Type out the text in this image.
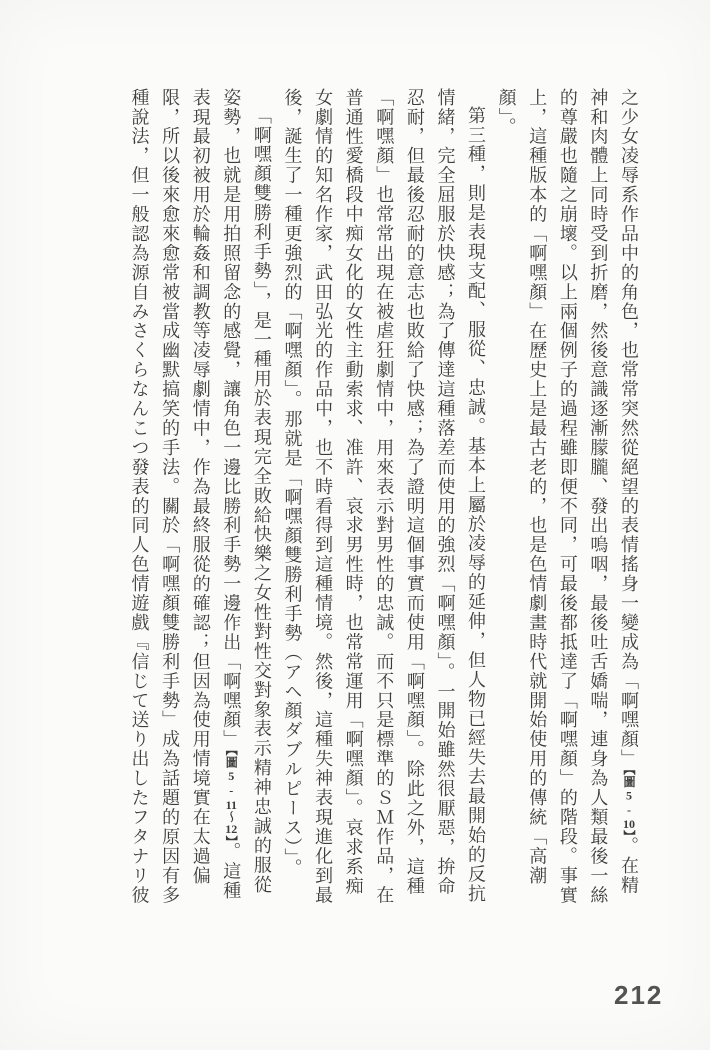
之少女凌辱系作品中的角色，也常常突然從絕望的表情搖身一變成為「啊嘿顏」【圖5-10】。在精神和肉體上同時受到折磨，然後意識逐漸朦朧、發出嗚咽，最後吐舌嬌喘，連身為人類最後一絲的尊嚴也隨之崩壞。以上兩個例子的過程雖即便不同，可最後都抵達了「啊嘿顏」的階段。事實上，這種版本的「啊嘿顏」在歷史上是最古老的，也是色情劇畫時代就開始使用的傳統「高潮顏」。

第三種，則是表現支配、服從、忠誠。基本上屬於凌辱的延伸，但人物已經失去最開始的反抗情緒，完全屈服於快感；為了傳達這種落差而使用的強烈「啊嘿顏」。一開始雖然很厭惡，拚命忍耐，但最後忍耐的意志也敗給了快感；為了證明這個事實而使用「啊嘿顏」。除此之外，這種「啊嘿顏」也常常出現在被虐狂劇情中，用來表示對男性的忠誠。而不只是標準的ＳＭ作品，在普通性愛橋段中痴女化的女性主動索求、准許、哀求男性時，也常常運用「啊嘿顏」。哀求系痴女劇情的知名作家，武田弘光的作品中，也不時看得到這種情境。然後，這種失神表現進化到最後，誕生了一種更強烈的「啊嘿顏」。那就是「啊嘿顏雙勝利手勢（アヘ顏ダブルピース）」。

「啊嘿顏雙勝利手勢」，是一種用於表現完全敗給快樂之女性對性交對象表示精神忠誠的服從姿勢，也就是用拍照留念的感覺，讓角色一邊比勝利手勢一邊作出「啊嘿顏」【圖5-11～12】。這種表現最初被用於輪姦和調教等凌辱劇情中，作為最終服從的確認；但因為使用情境實在太過偏限，所以後來愈來愈常被當成幽默搞笑的手法。關於「啊嘿顏雙勝利手勢」成為話題的原因有多種說法，但一般認為源自みさくらなんこつ發表的同人色情遊戲『信じて送り出したフタナリ彼

212
